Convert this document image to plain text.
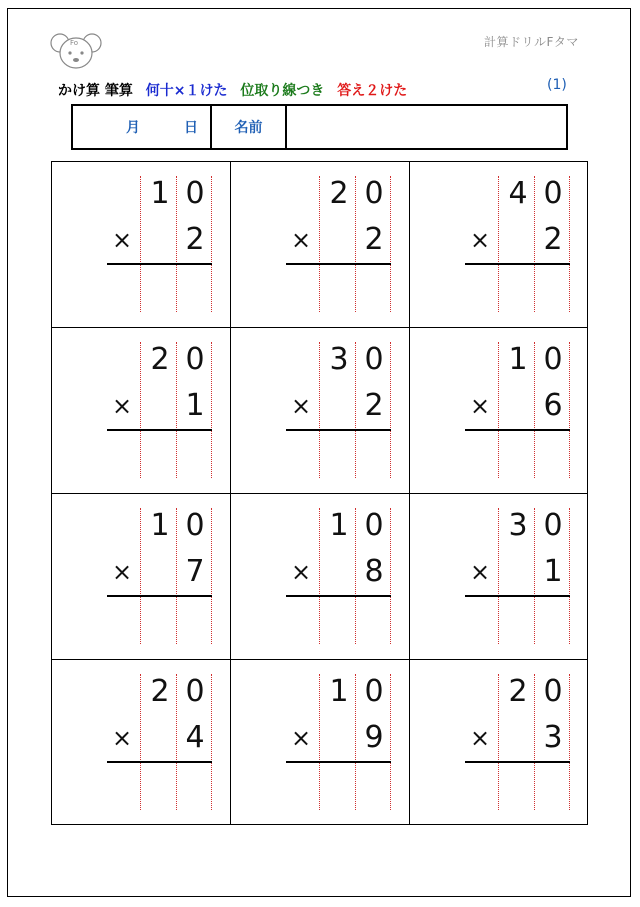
Fo	計算ドリルFタマ
かけ算 筆算 何十×１けた 位取り線つき 答え２けた	(1)
月	日	名前
1 0
× 2
2 0
× 2
4 0
× 2
2 0
× 1
3 0
× 2
1 0
× 6
1 0
× 7
1 0
× 8
3 0
× 1
2 0
× 4
1 0
× 9
2 0
× 3
